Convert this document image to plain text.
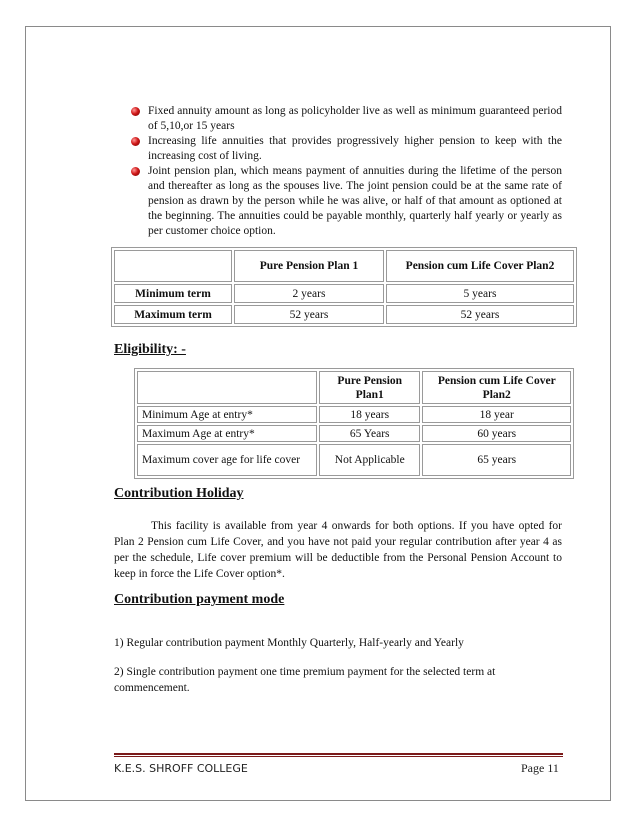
Fixed annuity amount as long as policyholder live as well as minimum guaranteed period of 5,10,or 15 years
Increasing life annuities that provides progressively higher pension to keep with the increasing cost of living.
Joint pension plan, which means payment of annuities during the lifetime of the person and thereafter as long as the spouses live. The joint pension could be at the same rate of pension as drawn by the person while he was alive, or half of that amount as optioned at the beginning. The annuities could be payable monthly, quarterly half yearly or yearly as per customer choice option.
	Pure Pension Plan 1	Pension cum Life Cover Plan2
Minimum term	2 years	5 years
Maximum term	52 years	52 years

Eligibility: -

	Pure Pension Plan1	Pension cum Life Cover Plan2
Minimum Age at entry*	18 years	18 year
Maximum Age at entry*	65 Years	60 years
Maximum cover age for life cover	Not Applicable	65 years

Contribution Holiday

This facility is available from year 4 onwards for both options. If you have opted for Plan 2 Pension cum Life Cover, and you have not paid your regular contribution after year 4 as per the schedule, Life cover premium will be deductible from the Personal Pension Account to keep in force the Life Cover option*.

Contribution payment mode

1) Regular contribution payment Monthly Quarterly, Half-yearly and Yearly

2) Single contribution payment one time premium payment for the selected term at commencement.

K.E.S. SHROFF COLLEGE	Page 11
